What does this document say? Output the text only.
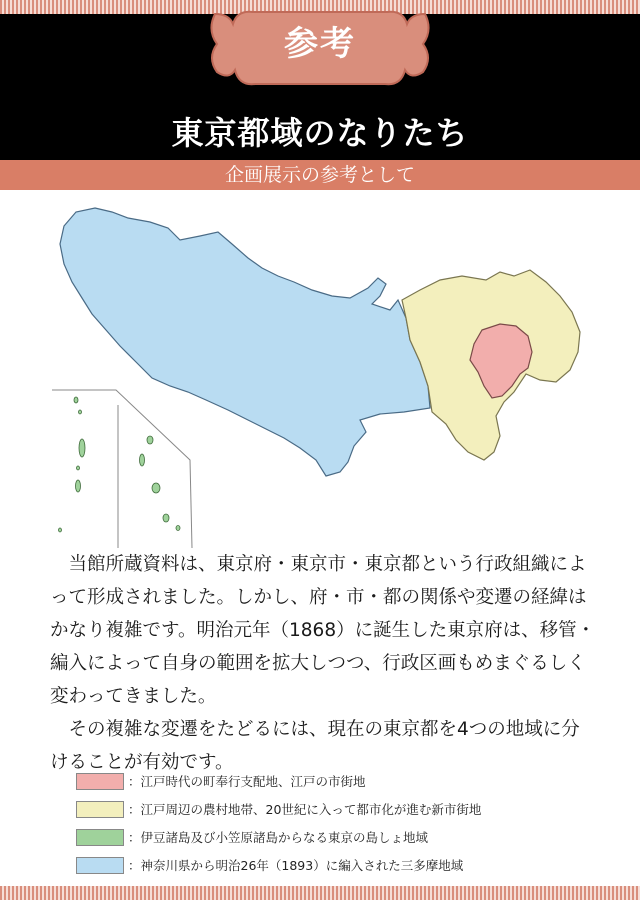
参考
東京都域のなりたち
企画展示の参考として

当館所蔵資料は、東京府・東京市・東京都という行政組織によって形成されました。しかし、府・市・都の関係や変遷の経緯はかなり複雑です。明治元年（1868）に誕生した東京府は、移管・編入によって自身の範囲を拡大しつつ、行政区画もめまぐるしく変わってきました。

その複雑な変遷をたどるには、現在の東京都を4つの地域に分けることが有効です。

：江戸時代の町奉行支配地、江戸の市街地
：江戸周辺の農村地帯、20世紀に入って都市化が進む新市街地
：伊豆諸島及び小笠原諸島からなる東京の島しょ地域
：神奈川県から明治26年（1893）に編入された三多摩地域
